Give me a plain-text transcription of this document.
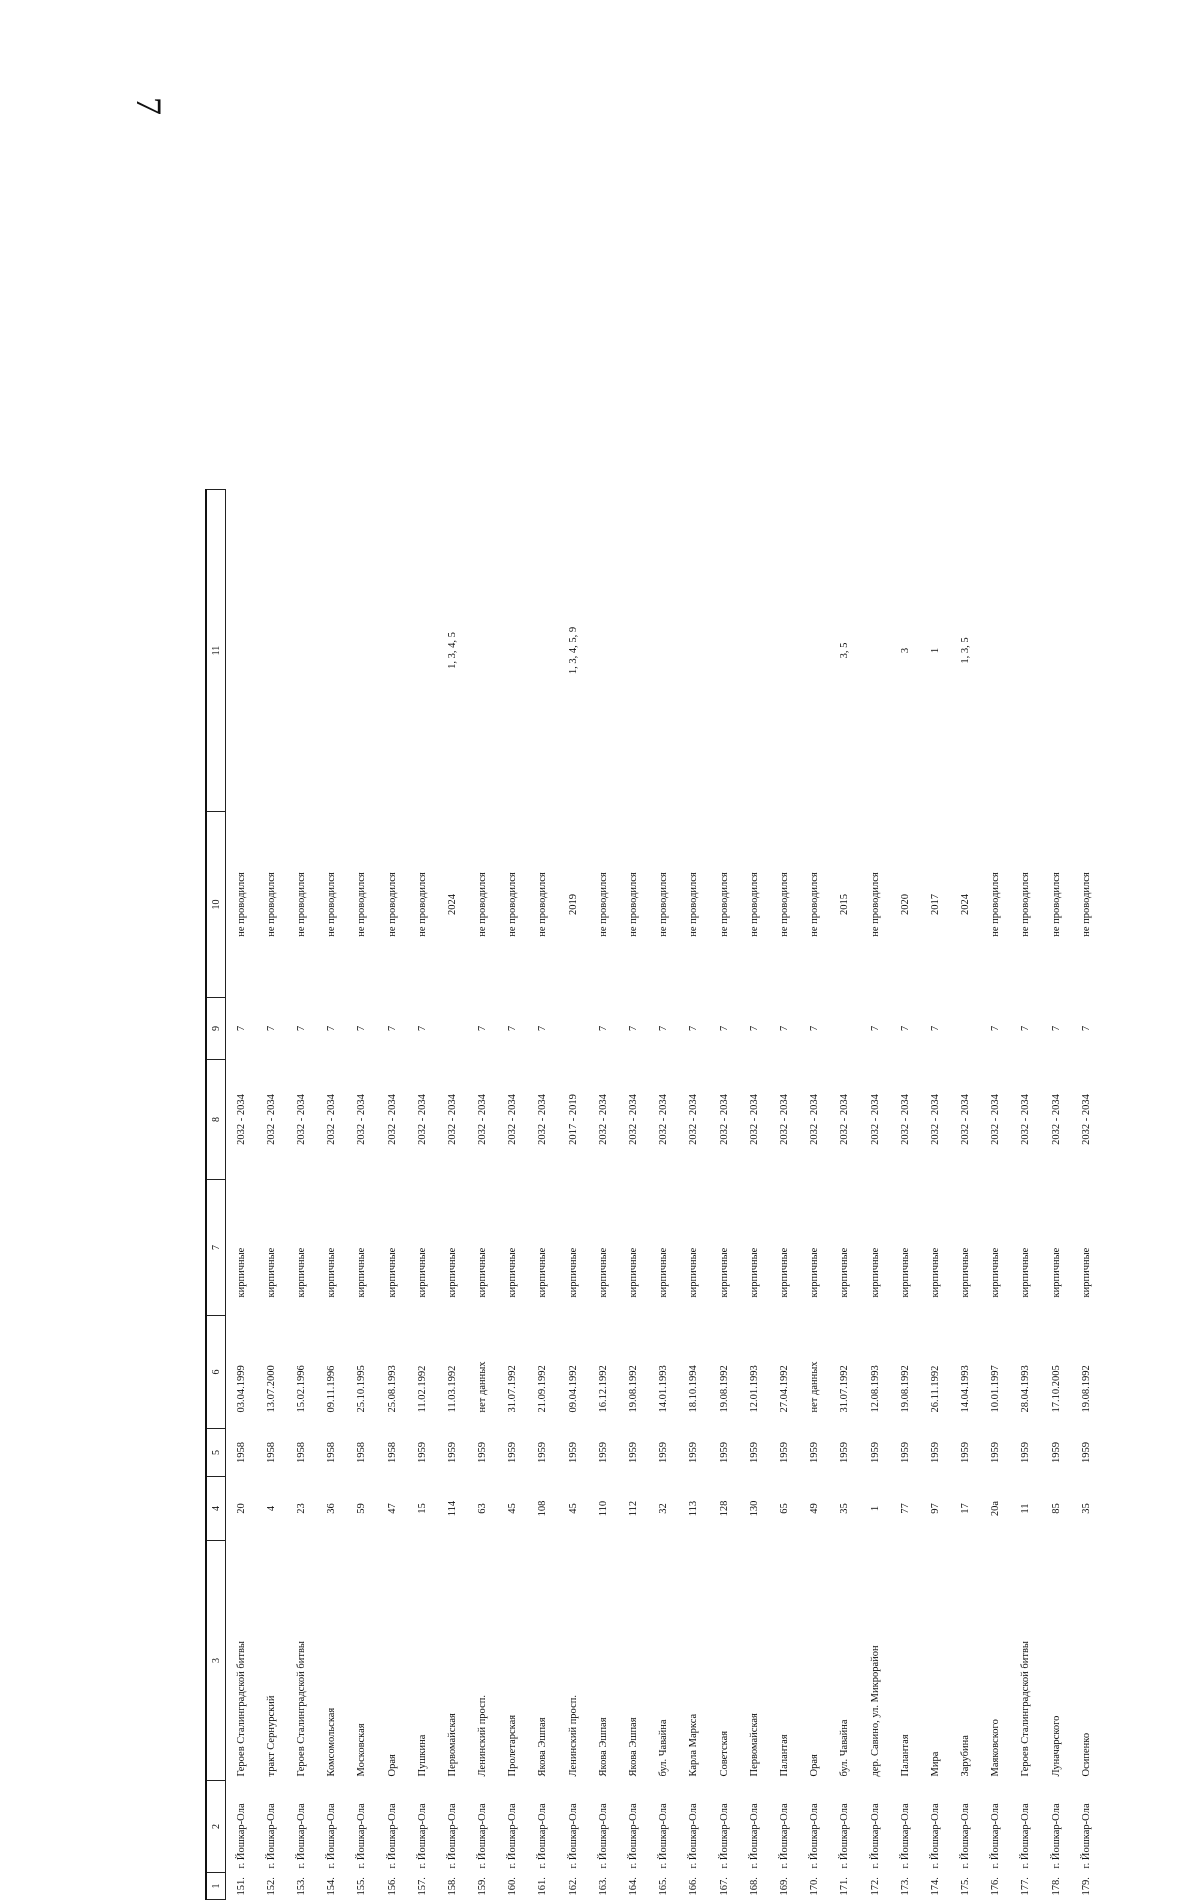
7
1	2	3	4	5	6	7	8	9	10	11
151.	г. Йошкар-Ола	Героев Сталинградской битвы	20	1958	03.04.1999	кирпичные	2032 - 2034	7	не проводился	
152.	г. Йошкар-Ола	тракт Сернурский	4	1958	13.07.2000	кирпичные	2032 - 2034	7	не проводился	
153.	г. Йошкар-Ола	Героев Сталинградской битвы	23	1958	15.02.1996	кирпичные	2032 - 2034	7	не проводился	
154.	г. Йошкар-Ола	Комсомольская	36	1958	09.11.1996	кирпичные	2032 - 2034	7	не проводился	
155.	г. Йошкар-Ола	Московская	59	1958	25.10.1995	кирпичные	2032 - 2034	7	не проводился	
156.	г. Йошкар-Ола	Орая	47	1958	25.08.1993	кирпичные	2032 - 2034	7	не проводился	
157.	г. Йошкар-Ола	Пушкина	15	1959	11.02.1992	кирпичные	2032 - 2034	7	не проводился	
158.	г. Йошкар-Ола	Первомайская	114	1959	11.03.1992	кирпичные	2032 - 2034		2024	1, 3, 4, 5
159.	г. Йошкар-Ола	Ленинский просп.	63	1959	нет данных	кирпичные	2032 - 2034	7	не проводился	
160.	г. Йошкар-Ола	Пролетарская	45	1959	31.07.1992	кирпичные	2032 - 2034	7	не проводился	
161.	г. Йошкар-Ола	Якова Эшпая	108	1959	21.09.1992	кирпичные	2032 - 2034	7	не проводился	
162.	г. Йошкар-Ола	Ленинский просп.	45	1959	09.04.1992	кирпичные	2017 - 2019		2019	1, 3, 4, 5, 9
163.	г. Йошкар-Ола	Якова Эшпая	110	1959	16.12.1992	кирпичные	2032 - 2034	7	не проводился	
164.	г. Йошкар-Ола	Якова Эшпая	112	1959	19.08.1992	кирпичные	2032 - 2034	7	не проводился	
165.	г. Йошкар-Ола	бул. Чавайна	32	1959	14.01.1993	кирпичные	2032 - 2034	7	не проводился	
166.	г. Йошкар-Ола	Карла Маркса	113	1959	18.10.1994	кирпичные	2032 - 2034	7	не проводился	
167.	г. Йошкар-Ола	Советская	128	1959	19.08.1992	кирпичные	2032 - 2034	7	не проводился	
168.	г. Йошкар-Ола	Первомайская	130	1959	12.01.1993	кирпичные	2032 - 2034	7	не проводился	
169.	г. Йошкар-Ола	Палантая	65	1959	27.04.1992	кирпичные	2032 - 2034	7	не проводился	
170.	г. Йошкар-Ола	Орая	49	1959	нет данных	кирпичные	2032 - 2034	7	не проводился	
171.	г. Йошкар-Ола	бул. Чавайна	35	1959	31.07.1992	кирпичные	2032 - 2034		2015	3, 5
172.	г. Йошкар-Ола	дер. Савино, ул. Микрорайон	1	1959	12.08.1993	кирпичные	2032 - 2034	7	не проводился	
173.	г. Йошкар-Ола	Палантая	77	1959	19.08.1992	кирпичные	2032 - 2034	7	2020	3
174.	г. Йошкар-Ола	Мира	97	1959	26.11.1992	кирпичные	2032 - 2034	7	2017	1
175.	г. Йошкар-Ола	Зарубина	17	1959	14.04.1993	кирпичные	2032 - 2034		2024	1, 3, 5
176.	г. Йошкар-Ола	Маяковского	20а	1959	10.01.1997	кирпичные	2032 - 2034	7	не проводился	
177.	г. Йошкар-Ола	Героев Сталинградской битвы	11	1959	28.04.1993	кирпичные	2032 - 2034	7	не проводился	
178.	г. Йошкар-Ола	Луначарского	85	1959	17.10.2005	кирпичные	2032 - 2034	7	не проводился	
179.	г. Йошкар-Ола	Осипенко	35	1959	19.08.1992	кирпичные	2032 - 2034	7	не проводился	
